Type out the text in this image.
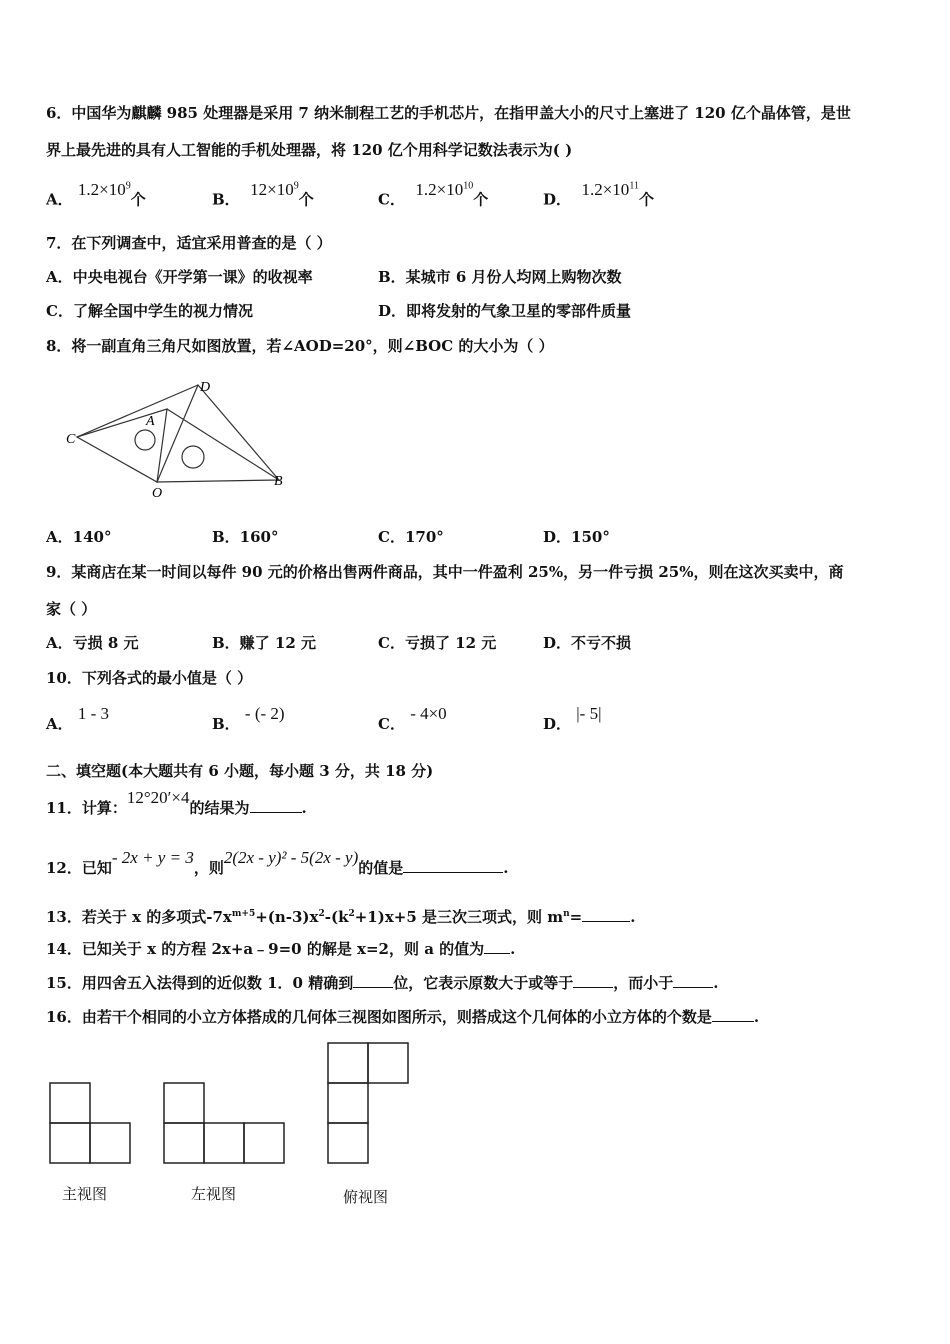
6．中国华为麒麟 985 处理器是采用 7 纳米制程工艺的手机芯片，在指甲盖大小的尺寸上塞进了 120 亿个晶体管，是世
界上最先进的具有人工智能的手机处理器，将 120 亿个用科学记数法表示为( )
A． $1.2\times 10^9$个	B．  $12\times 10^9$个	C．  $1.2\times 10^{10}$个	D．  $1.2\times 10^{11}$个
7．在下列调查中，适宜采用普查的是（ ）
A．中央电视台《开学第一课》的收视率	B．某城市 6 月份人均网上购物次数
C．了解全国中学生的视力情况	D．即将发射的气象卫星的零部件质量
8．将一副直角三角尺如图放置，若∠AOD=20°，则∠BOC 的大小为（ ）
D
A
C
O
B
A．140°	B．160°	C．170°	D．150°
9．某商店在某一时间以每件 90 元的价格出售两件商品，其中一件盈利 25%，另一件亏损 25%，则在这次买卖中，商
家（ ）
A．亏损 8 元	B．赚了 12 元	C．亏损了 12 元	D．不亏不损
10．下列各式的最小值是（ ）
A． 1 - 3
B． - (- 2)
C． - 4×0
D． |- 5|
二、填空题(本大题共有 6 小题，每小题 3 分，共 18 分)
11．计算：12°20′×4的结果为	.
12．已知- 2x + y = 3，则2(2x - y)² - 5(2x - y)的值是	.
13．若关于 x 的多项式$-7x^{m+5}+(n-3)x^2-(k^2+1)x+5$ 是三次三项式，则 $m^n=$	.
14．已知关于 x 的方程 2x+a﹣9=0 的解是 x=2，则 a 的值为 .
15．用四舍五入法得到的近似数 1．0 精确到	位，它表示原数大于或等于	，而小于	.
16．由若干个相同的小立方体搭成的几何体三视图如图所示，则搭成这个几何体的小立方体的个数是	.
主视图	左视图	俯视图
